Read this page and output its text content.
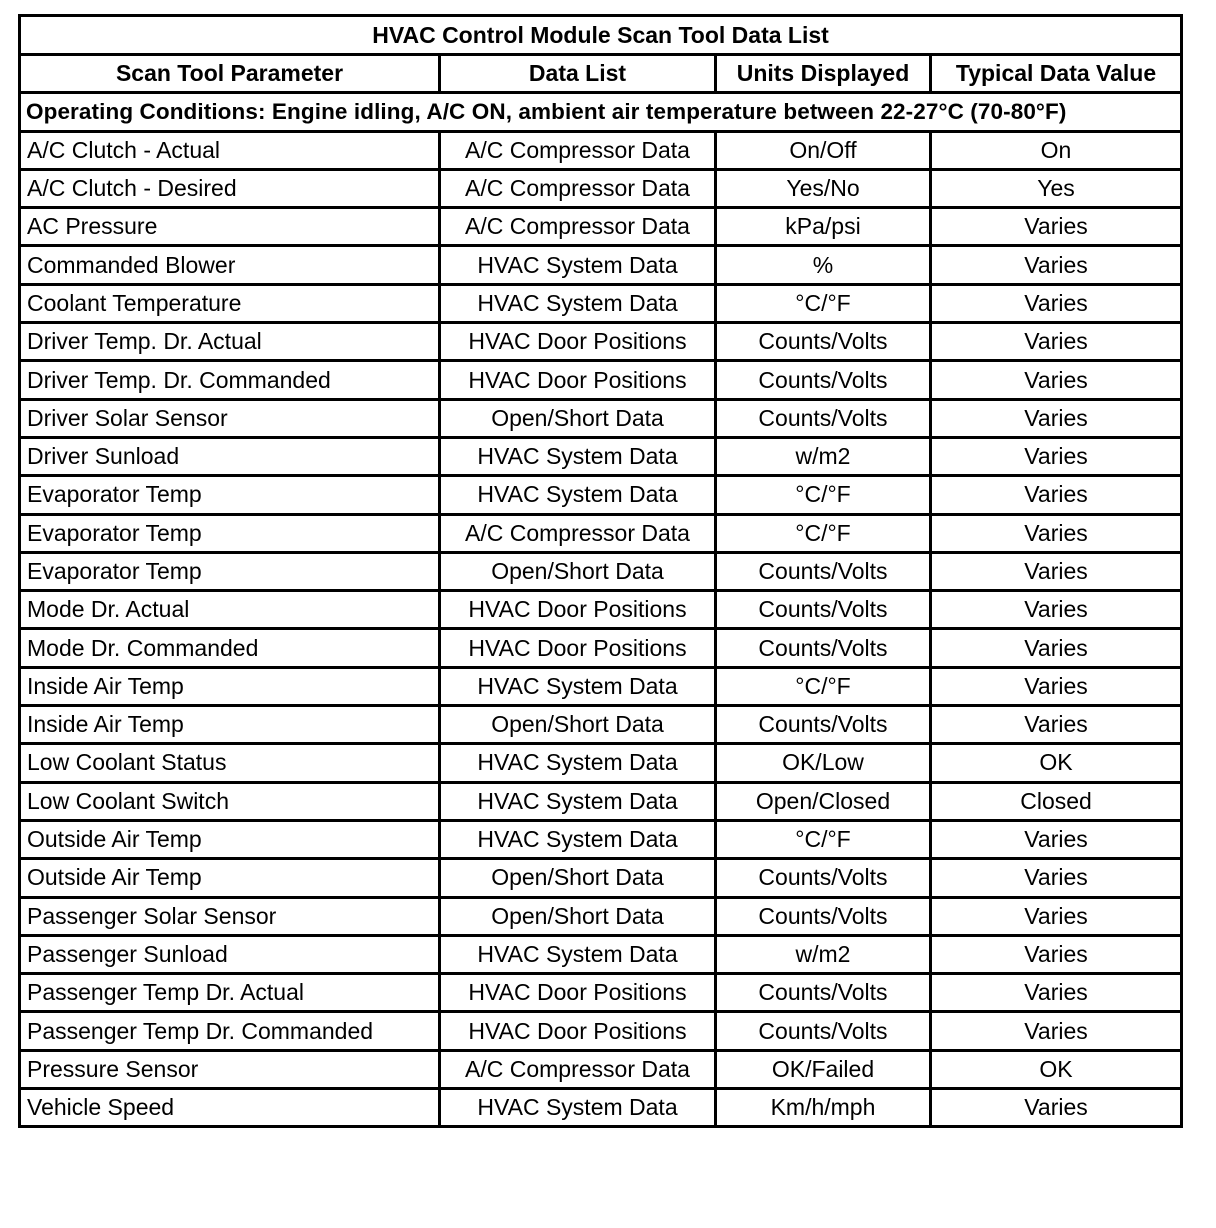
HVAC Control Module Scan Tool Data List			
Scan Tool Parameter	Data List	Units Displayed	Typical Data Value
Operating Conditions: Engine idling, A/C ON, ambient air temperature between 22-27°C (70-80°F)			
A/C Clutch - Actual	A/C Compressor Data	On/Off	On
A/C Clutch - Desired	A/C Compressor Data	Yes/No	Yes
AC Pressure	A/C Compressor Data	kPa/psi	Varies
Commanded Blower	HVAC System Data	%	Varies
Coolant Temperature	HVAC System Data	°C/°F	Varies
Driver Temp. Dr. Actual	HVAC Door Positions	Counts/Volts	Varies
Driver Temp. Dr. Commanded	HVAC Door Positions	Counts/Volts	Varies
Driver Solar Sensor	Open/Short Data	Counts/Volts	Varies
Driver Sunload	HVAC System Data	w/m2	Varies
Evaporator Temp	HVAC System Data	°C/°F	Varies
Evaporator Temp	A/C Compressor Data	°C/°F	Varies
Evaporator Temp	Open/Short Data	Counts/Volts	Varies
Mode Dr. Actual	HVAC Door Positions	Counts/Volts	Varies
Mode Dr. Commanded	HVAC Door Positions	Counts/Volts	Varies
Inside Air Temp	HVAC System Data	°C/°F	Varies
Inside Air Temp	Open/Short Data	Counts/Volts	Varies
Low Coolant Status	HVAC System Data	OK/Low	OK
Low Coolant Switch	HVAC System Data	Open/Closed	Closed
Outside Air Temp	HVAC System Data	°C/°F	Varies
Outside Air Temp	Open/Short Data	Counts/Volts	Varies
Passenger Solar Sensor	Open/Short Data	Counts/Volts	Varies
Passenger Sunload	HVAC System Data	w/m2	Varies
Passenger Temp Dr. Actual	HVAC Door Positions	Counts/Volts	Varies
Passenger Temp Dr. Commanded	HVAC Door Positions	Counts/Volts	Varies
Pressure Sensor	A/C Compressor Data	OK/Failed	OK
Vehicle Speed	HVAC System Data	Km/h/mph	Varies
